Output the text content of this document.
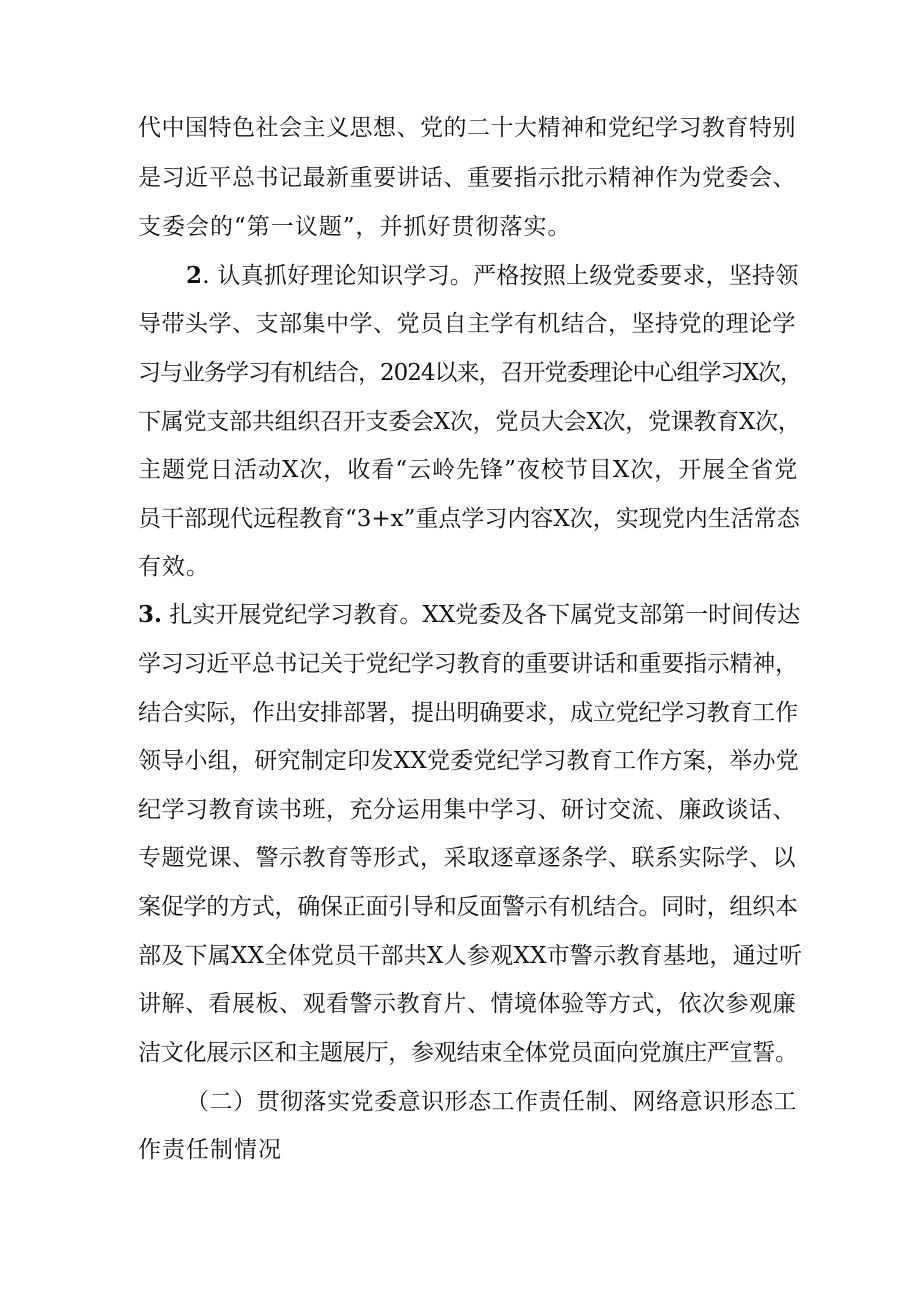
代中国特色社会主义思想、党的二十大精神和党纪学习教育特别
是习近平总书记最新重要讲话、重要指示批示精神作为党委会、
支委会的“第一议题”，并抓好贯彻落实。
2. 认真抓好理论知识学习。严格按照上级党委要求，坚持领
导带头学、支部集中学、党员自主学有机结合，坚持党的理论学
习与业务学习有机结合，2024以来，召开党委理论中心组学习X次，
下属党支部共组织召开支委会X次，党员大会X次，党课教育X次，
主题党日活动X次，收看“云岭先锋”夜校节目X次，开展全省党
员干部现代远程教育“3+x”重点学习内容X次，实现党内生活常态
有效。
3. 扎实开展党纪学习教育。XX党委及各下属党支部第一时间传达
学习习近平总书记关于党纪学习教育的重要讲话和重要指示精神，
结合实际，作出安排部署，提出明确要求，成立党纪学习教育工作
领导小组，研究制定印发XX党委党纪学习教育工作方案，举办党
纪学习教育读书班，充分运用集中学习、研讨交流、廉政谈话、
专题党课、警示教育等形式，采取逐章逐条学、联系实际学、以
案促学的方式，确保正面引导和反面警示有机结合。同时，组织本
部及下属XX全体党员干部共X人参观XX市警示教育基地，通过听
讲解、看展板、观看警示教育片、情境体验等方式，依次参观廉
洁文化展示区和主题展厅，参观结束全体党员面向党旗庄严宣誓。
（二）贯彻落实党委意识形态工作责任制、网络意识形态工
作责任制情况
